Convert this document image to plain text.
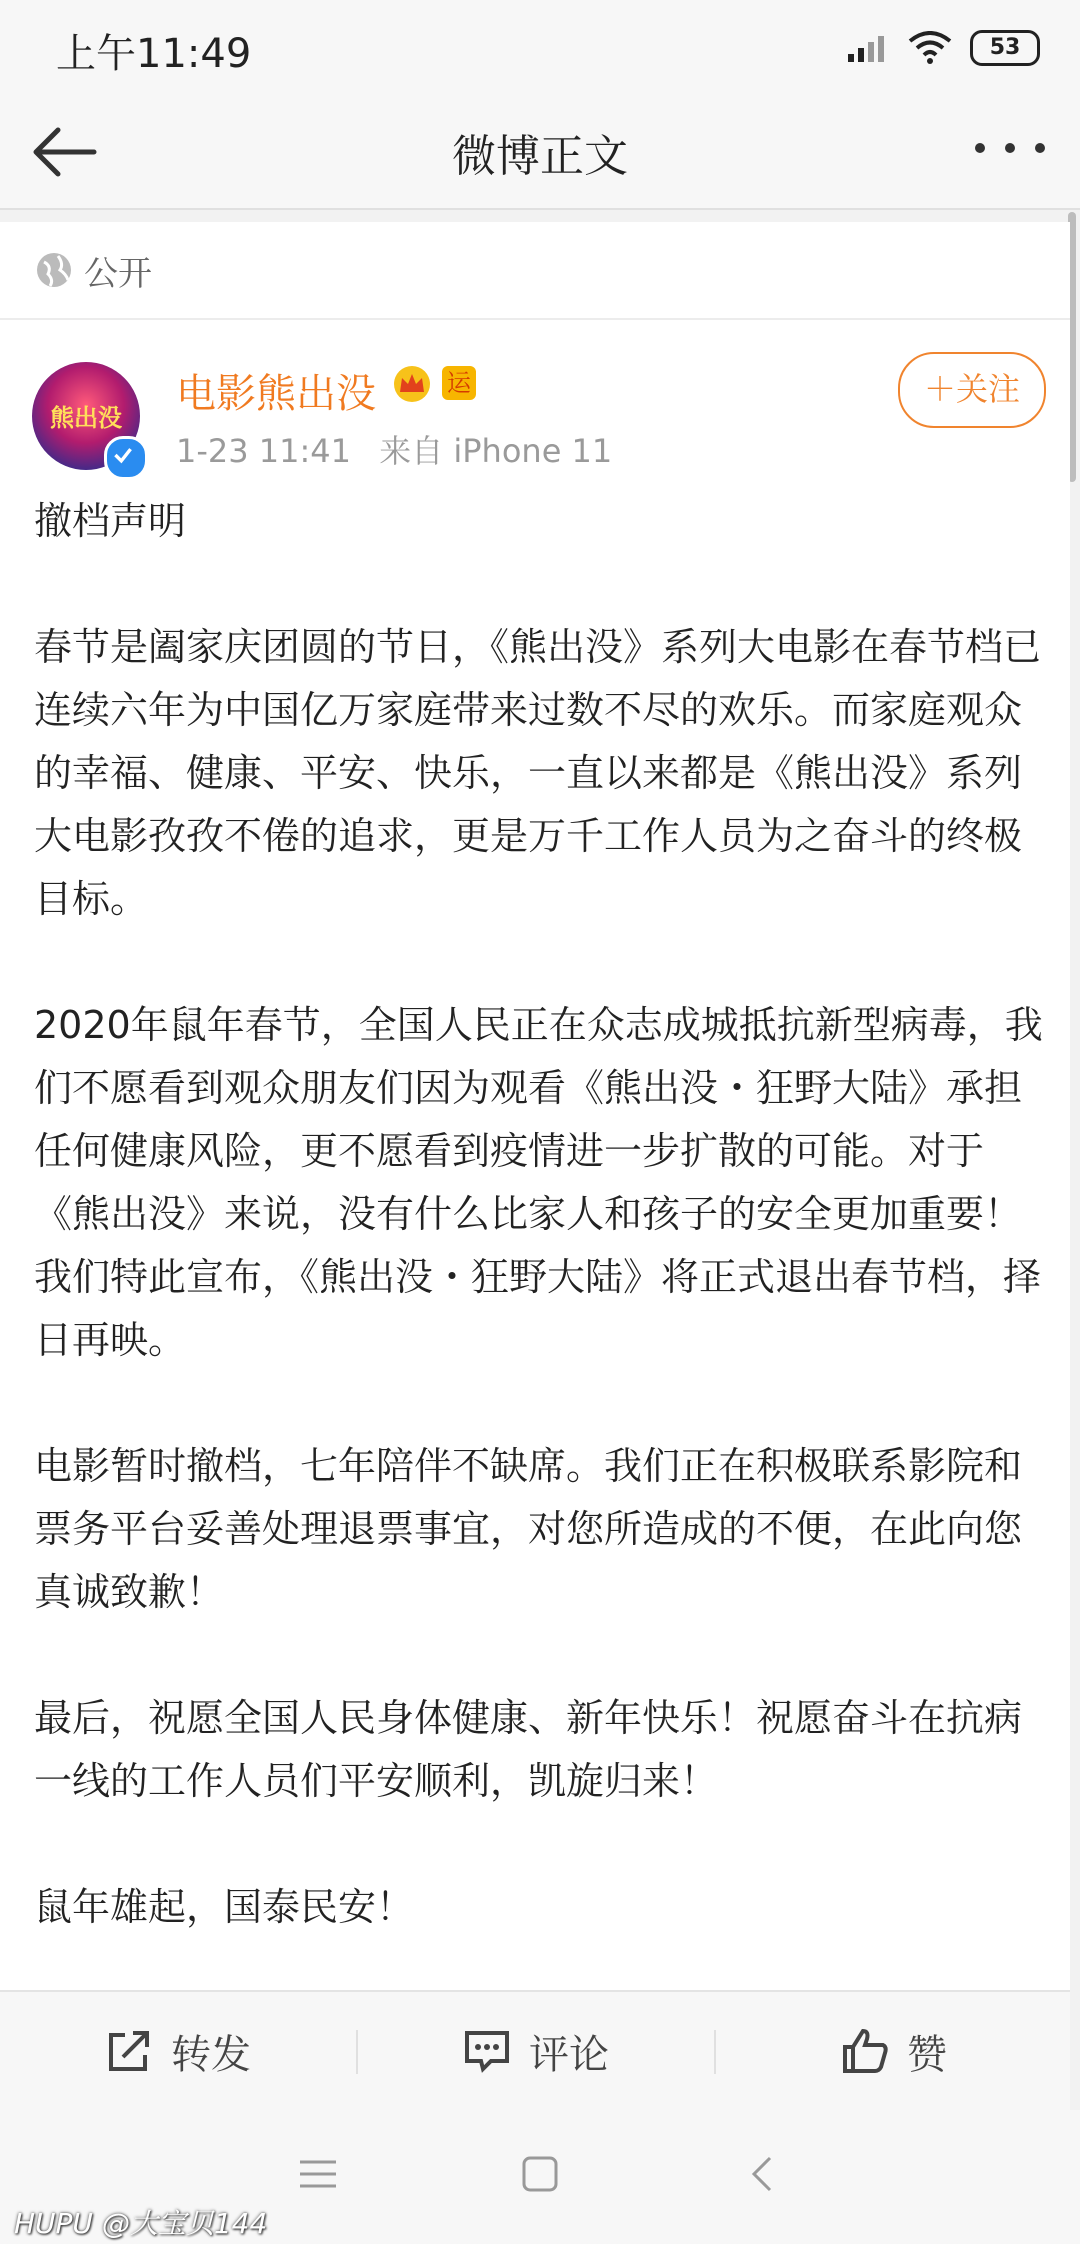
上午11:49	53
微博正文
公开
熊出没
电影熊出没	运
1-23 11:41 来自 iPhone 11
＋关注

撤档声明

春节是阖家庆团圆的节日，《熊出没》系列大电影在春节档已连续六年为中国亿万家庭带来过数不尽的欢乐。而家庭观众的幸福、健康、平安、快乐，一直以来都是《熊出没》系列大电影孜孜不倦的追求，更是万千工作人员为之奋斗的终极目标。

2020年鼠年春节，全国人民正在众志成城抵抗新型病毒，我们不愿看到观众朋友们因为观看《熊出没・狂野大陆》承担任何健康风险，更不愿看到疫情进一步扩散的可能。对于《熊出没》来说，没有什么比家人和孩子的安全更加重要！我们特此宣布，《熊出没・狂野大陆》将正式退出春节档，择日再映。

电影暂时撤档，七年陪伴不缺席。我们正在积极联系影院和票务平台妥善处理退票事宜，对您所造成的不便，在此向您真诚致歉！

最后，祝愿全国人民身体健康、新年快乐！祝愿奋斗在抗病一线的工作人员们平安顺利，凯旋归来！

鼠年雄起，国泰民安！

转发	评论	赞
HUPU @大宝贝144
